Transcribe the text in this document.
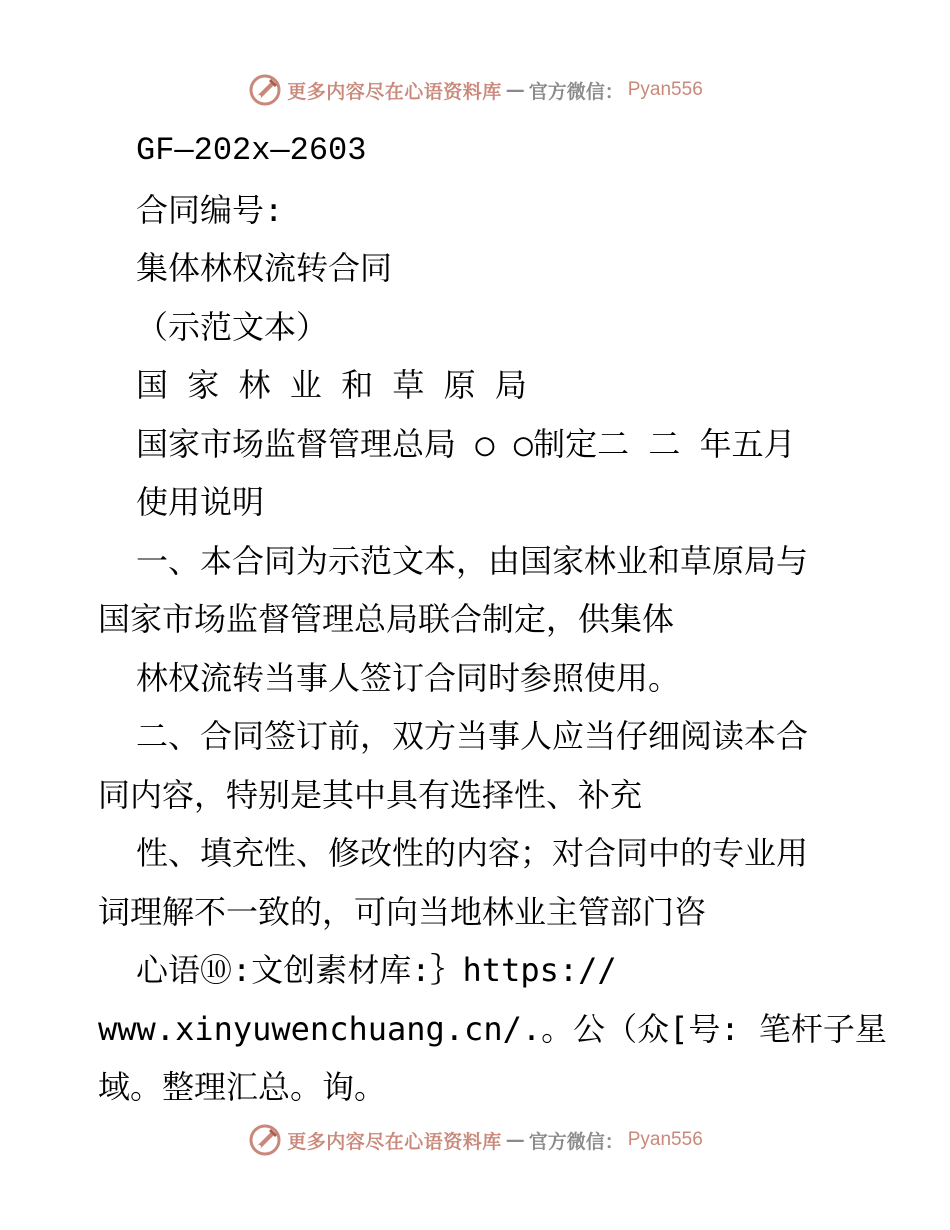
更多内容尽在心语资料库 — 官方微信： Pyan556
GF—202x—2603
合同编号:
集体林权流转合同
（示范文本）
国 家 林 业 和 草 原 局
国家市场监督管理总局 ○ ○制定二 二 年五月
使用说明
一、本合同为示范文本，由国家林业和草原局与
国家市场监督管理总局联合制定，供集体
林权流转当事人签订合同时参照使用。
二、合同签订前，双方当事人应当仔细阅读本合
同内容，特别是其中具有选择性、补充
性、填充性、修改性的内容；对合同中的专业用
词理解不一致的，可向当地林业主管部门咨
心语⑩:文创素材库:｝https://
www.xinyuwenchuang.cn/.。公（众[号: 笔杆子星
域。整理汇总。询。
更多内容尽在心语资料库 — 官方微信： Pyan556
